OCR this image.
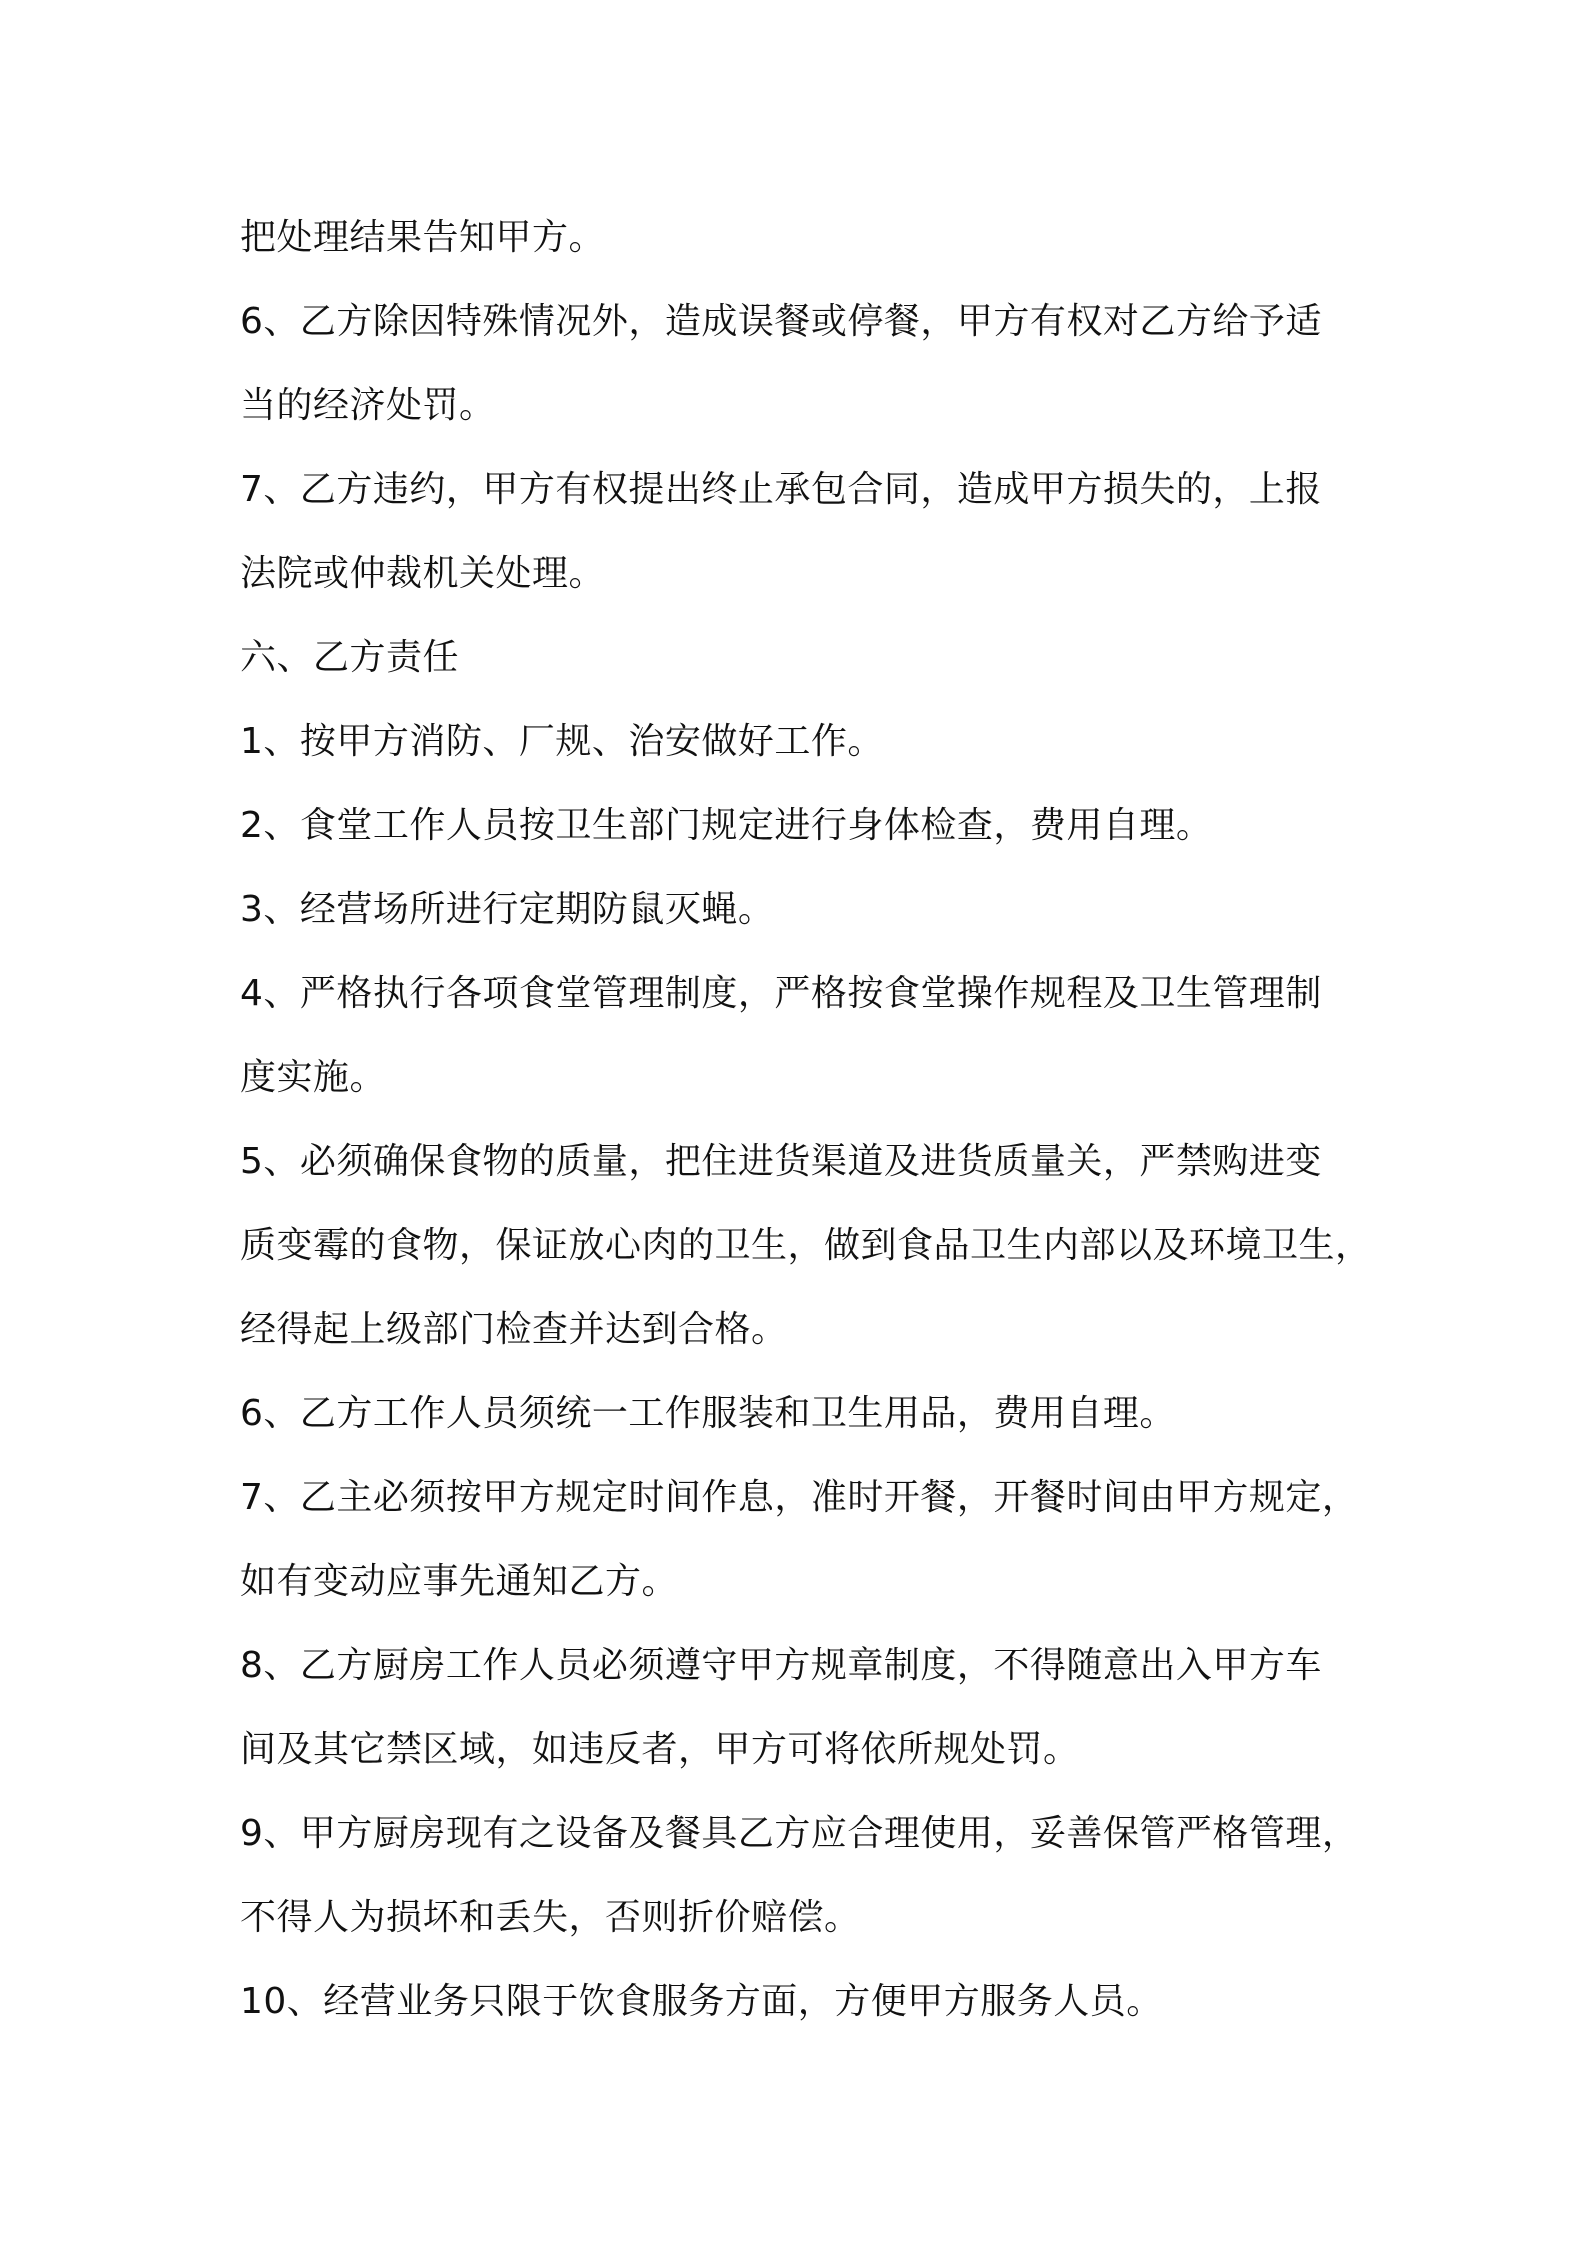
把处理结果告知甲方。
6、乙方除因特殊情况外，造成误餐或停餐，甲方有权对乙方给予适
当的经济处罚。
7、乙方违约，甲方有权提出终止承包合同，造成甲方损失的，上报
法院或仲裁机关处理。
六、乙方责任
1、按甲方消防、厂规、治安做好工作。
2、食堂工作人员按卫生部门规定进行身体检查，费用自理。
3、经营场所进行定期防鼠灭蝇。
4、严格执行各项食堂管理制度，严格按食堂操作规程及卫生管理制
度实施。
5、必须确保食物的质量，把住进货渠道及进货质量关，严禁购进变
质变霉的食物，保证放心肉的卫生，做到食品卫生内部以及环境卫生，
经得起上级部门检查并达到合格。
6、乙方工作人员须统一工作服装和卫生用品，费用自理。
7、乙主必须按甲方规定时间作息，准时开餐，开餐时间由甲方规定，
如有变动应事先通知乙方。
8、乙方厨房工作人员必须遵守甲方规章制度，不得随意出入甲方车
间及其它禁区域，如违反者，甲方可将依所规处罚。
9、甲方厨房现有之设备及餐具乙方应合理使用，妥善保管严格管理，
不得人为损坏和丢失，否则折价赔偿。
10、经营业务只限于饮食服务方面，方便甲方服务人员。
